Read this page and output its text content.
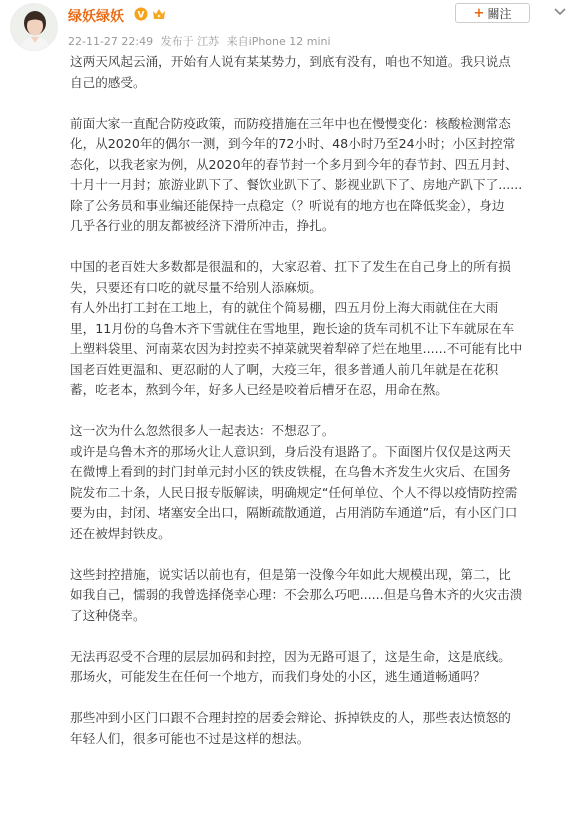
绿妖绿妖 V
22-11-27 22:49 发布于 江苏 来自iPhone 12 mini
+ 關注

这两天风起云涌，开始有人说有某某势力，到底有没有，咱也不知道。我只说点
自己的感受。

前面大家一直配合防疫政策，而防疫措施在三年中也在慢慢变化：核酸检测常态
化，从2020年的偶尔一测，到今年的72小时、48小时乃至24小时；小区封控常
态化，以我老家为例，从2020年的春节封一个多月到今年的春节封、四五月封、
十月十一月封；旅游业趴下了、餐饮业趴下了、影视业趴下了、房地产趴下了......
除了公务员和事业编还能保持一点稳定（？听说有的地方也在降低奖金），身边
几乎各行业的朋友都被经济下滑所冲击，挣扎。

中国的老百姓大多数都是很温和的，大家忍着、扛下了发生在自己身上的所有损
失，只要还有口吃的就尽量不给别人添麻烦。
有人外出打工封在工地上，有的就住个简易棚，四五月份上海大雨就住在大雨
里，11月份的乌鲁木齐下雪就住在雪地里，跑长途的货车司机不让下车就尿在车
上塑料袋里、河南菜农因为封控卖不掉菜就哭着犁碎了烂在地里......不可能有比中
国老百姓更温和、更忍耐的人了啊，大疫三年，很多普通人前几年就是在花积
蓄，吃老本，熬到今年，好多人已经是咬着后槽牙在忍，用命在熬。

这一次为什么忽然很多人一起表达：不想忍了。
或许是乌鲁木齐的那场火让人意识到，身后没有退路了。下面图片仅仅是这两天
在微博上看到的封门封单元封小区的铁皮铁棍，在乌鲁木齐发生火灾后、在国务
院发布二十条，人民日报专版解读，明确规定“任何单位、个人不得以疫情防控需
要为由，封闭、堵塞安全出口，隔断疏散通道，占用消防车通道”后，有小区门口
还在被焊封铁皮。

这些封控措施，说实话以前也有，但是第一没像今年如此大规模出现，第二，比
如我自己，懦弱的我曾选择侥幸心理：不会那么巧吧......但是乌鲁木齐的火灾击溃
了这种侥幸。

无法再忍受不合理的层层加码和封控，因为无路可退了，这是生命，这是底线。
那场火，可能发生在任何一个地方，而我们身处的小区，逃生通道畅通吗？

那些冲到小区门口跟不合理封控的居委会辩论、拆掉铁皮的人，那些表达愤怒的
年轻人们，很多可能也不过是这样的想法。
